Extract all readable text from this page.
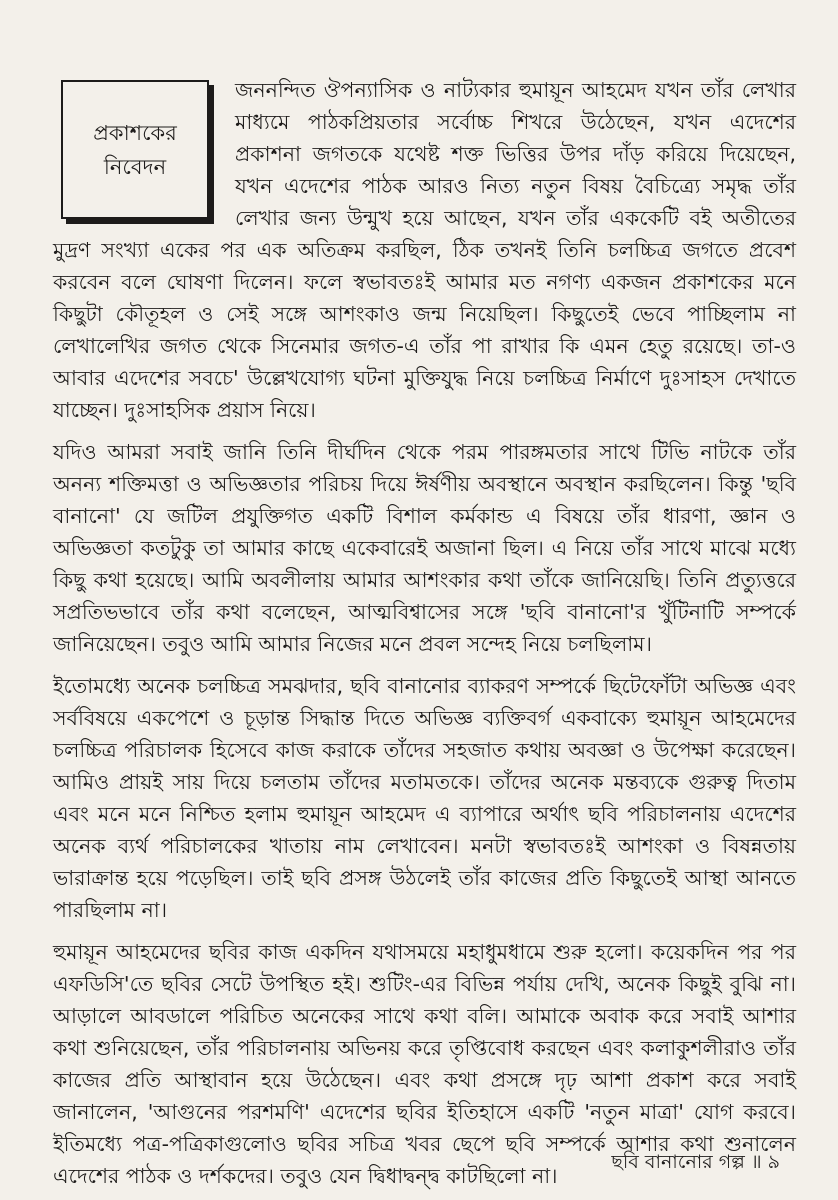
প্রকাশকের
নিবেদন

জননন্দিত ঔপন্যাসিক ও নাট্যকার হুমায়ূন আহমেদ যখন তাঁর লেখার মাধ্যমে পাঠকপ্রিয়তার সর্বোচ্চ শিখরে উঠেছেন, যখন এদেশের প্রকাশনা জগতকে যথেষ্ট শক্ত ভিত্তির উপর দাঁড় করিয়ে দিয়েছেন, যখন এদেশের পাঠক আরও নিত্য নতুন বিষয় বৈচিত্র্যে সমৃদ্ধ তাঁর লেখার জন্য উন্মুখ হয়ে আছেন, যখন তাঁর এককেটি বই অতীতের মুদ্রণ সংখ্যা একের পর এক অতিক্রম করছিল, ঠিক তখনই তিনি চলচ্চিত্র জগতে প্রবেশ করবেন বলে ঘোষণা দিলেন। ফলে স্বভাবতঃই আমার মত নগণ্য একজন প্রকাশকের মনে কিছুটা কৌতূহল ও সেই সঙ্গে আশংকাও জন্ম নিয়েছিল। কিছুতেই ভেবে পাচ্ছিলাম না লেখালেখির জগত থেকে সিনেমার জগত-এ তাঁর পা রাখার কি এমন হেতু রয়েছে। তা-ও আবার এদেশের সবচে' উল্লেখযোগ্য ঘটনা মুক্তিযুদ্ধ নিয়ে চলচ্চিত্র নির্মাণে দুঃসাহস দেখাতে যাচ্ছেন। দুঃসাহসিক প্রয়াস নিয়ে।

যদিও আমরা সবাই জানি তিনি দীর্ঘদিন থেকে পরম পারঙ্গমতার সাথে টিভি নাটকে তাঁর অনন্য শক্তিমত্তা ও অভিজ্ঞতার পরিচয় দিয়ে ঈর্ষণীয় অবস্থানে অবস্থান করছিলেন। কিন্তু 'ছবি বানানো' যে জটিল প্রযুক্তিগত একটি বিশাল কর্মকান্ড এ বিষয়ে তাঁর ধারণা, জ্ঞান ও অভিজ্ঞতা কতটুকু তা আমার কাছে একেবারেই অজানা ছিল। এ নিয়ে তাঁর সাথে মাঝে মধ্যে কিছু কথা হয়েছে। আমি অবলীলায় আমার আশংকার কথা তাঁকে জানিয়েছি। তিনি প্রত্যুত্তরে সপ্রতিভভাবে তাঁর কথা বলেছেন, আত্মবিশ্বাসের সঙ্গে 'ছবি বানানো'র খুঁটিনাটি সম্পর্কে জানিয়েছেন। তবুও আমি আমার নিজের মনে প্রবল সন্দেহ নিয়ে চলছিলাম।

ইতোমধ্যে অনেক চলচ্চিত্র সমঝদার, ছবি বানানোর ব্যাকরণ সম্পর্কে ছিটেফোঁটা অভিজ্ঞ এবং সর্ববিষয়ে একপেশে ও চূড়ান্ত সিদ্ধান্ত দিতে অভিজ্ঞ ব্যক্তিবর্গ একবাক্যে হুমায়ূন আহমেদের চলচ্চিত্র পরিচালক হিসেবে কাজ করাকে তাঁদের সহজাত কথায় অবজ্ঞা ও উপেক্ষা করেছেন। আমিও প্রায়ই সায় দিয়ে চলতাম তাঁদের মতামতকে। তাঁদের অনেক মন্তব্যকে গুরুত্ব দিতাম এবং মনে মনে নিশ্চিত হলাম হুমায়ূন আহমেদ এ ব্যাপারে অর্থাৎ ছবি পরিচালনায় এদেশের অনেক ব্যর্থ পরিচালকের খাতায় নাম লেখাবেন। মনটা স্বভাবতঃই আশংকা ও বিষন্নতায় ভারাক্রান্ত হয়ে পড়েছিল। তাই ছবি প্রসঙ্গ উঠলেই তাঁর কাজের প্রতি কিছুতেই আস্থা আনতে পারছিলাম না।

হুমায়ূন আহমেদের ছবির কাজ একদিন যথাসময়ে মহাধুমধামে শুরু হলো। কয়েকদিন পর পর এফডিসি'তে ছবির সেটে উপস্থিত হই। শুটিং-এর বিভিন্ন পর্যায় দেখি, অনেক কিছুই বুঝি না। আড়ালে আবডালে পরিচিত অনেকের সাথে কথা বলি। আমাকে অবাক করে সবাই আশার কথা শুনিয়েছেন, তাঁর পরিচালনায় অভিনয় করে তৃপ্তিবোধ করছেন এবং কলাকুশলীরাও তাঁর কাজের প্রতি আস্থাবান হয়ে উঠেছেন। এবং কথা প্রসঙ্গে দৃঢ় আশা প্রকাশ করে সবাই জানালেন, 'আগুনের পরশমণি' এদেশের ছবির ইতিহাসে একটি 'নতুন মাত্রা' যোগ করবে। ইতিমধ্যে পত্র-পত্রিকাগুলোও ছবির সচিত্র খবর ছেপে ছবি সম্পর্কে আশার কথা শুনালেন এদেশের পাঠক ও দর্শকদের। তবুও যেন দ্বিধাদ্বন্দ্ব কাটছিলো না।

ছবি বানানোর গল্প ॥ ৯
